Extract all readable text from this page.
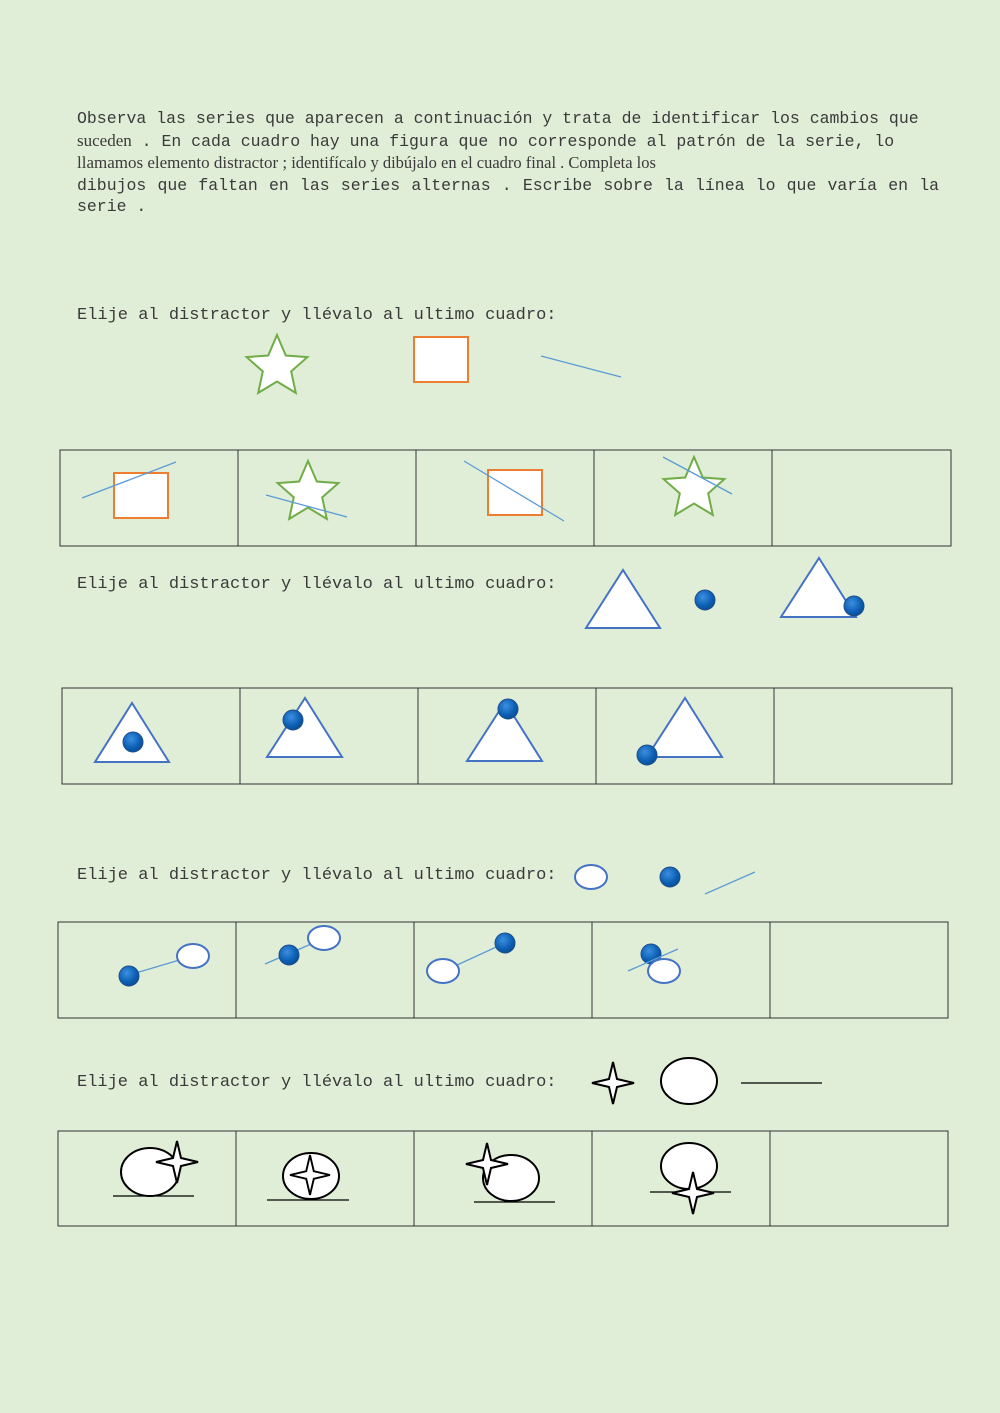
Observa las series que aparecen a continuación y trata de identificar los cambios que

suceden . En cada cuadro hay una figura que no corresponde al patrón de la serie, lo

llamamos elemento distractor ; identifícalo y dibújalo en el cuadro final . Completa los

dibujos que faltan en las series alternas . Escribe sobre la línea lo que varía en la serie .

Elije al distractor y llévalo al ultimo cuadro:
Elije al distractor y llévalo al ultimo cuadro:
Elije al distractor y llévalo al ultimo cuadro:
Elije al distractor y llévalo al ultimo cuadro:
